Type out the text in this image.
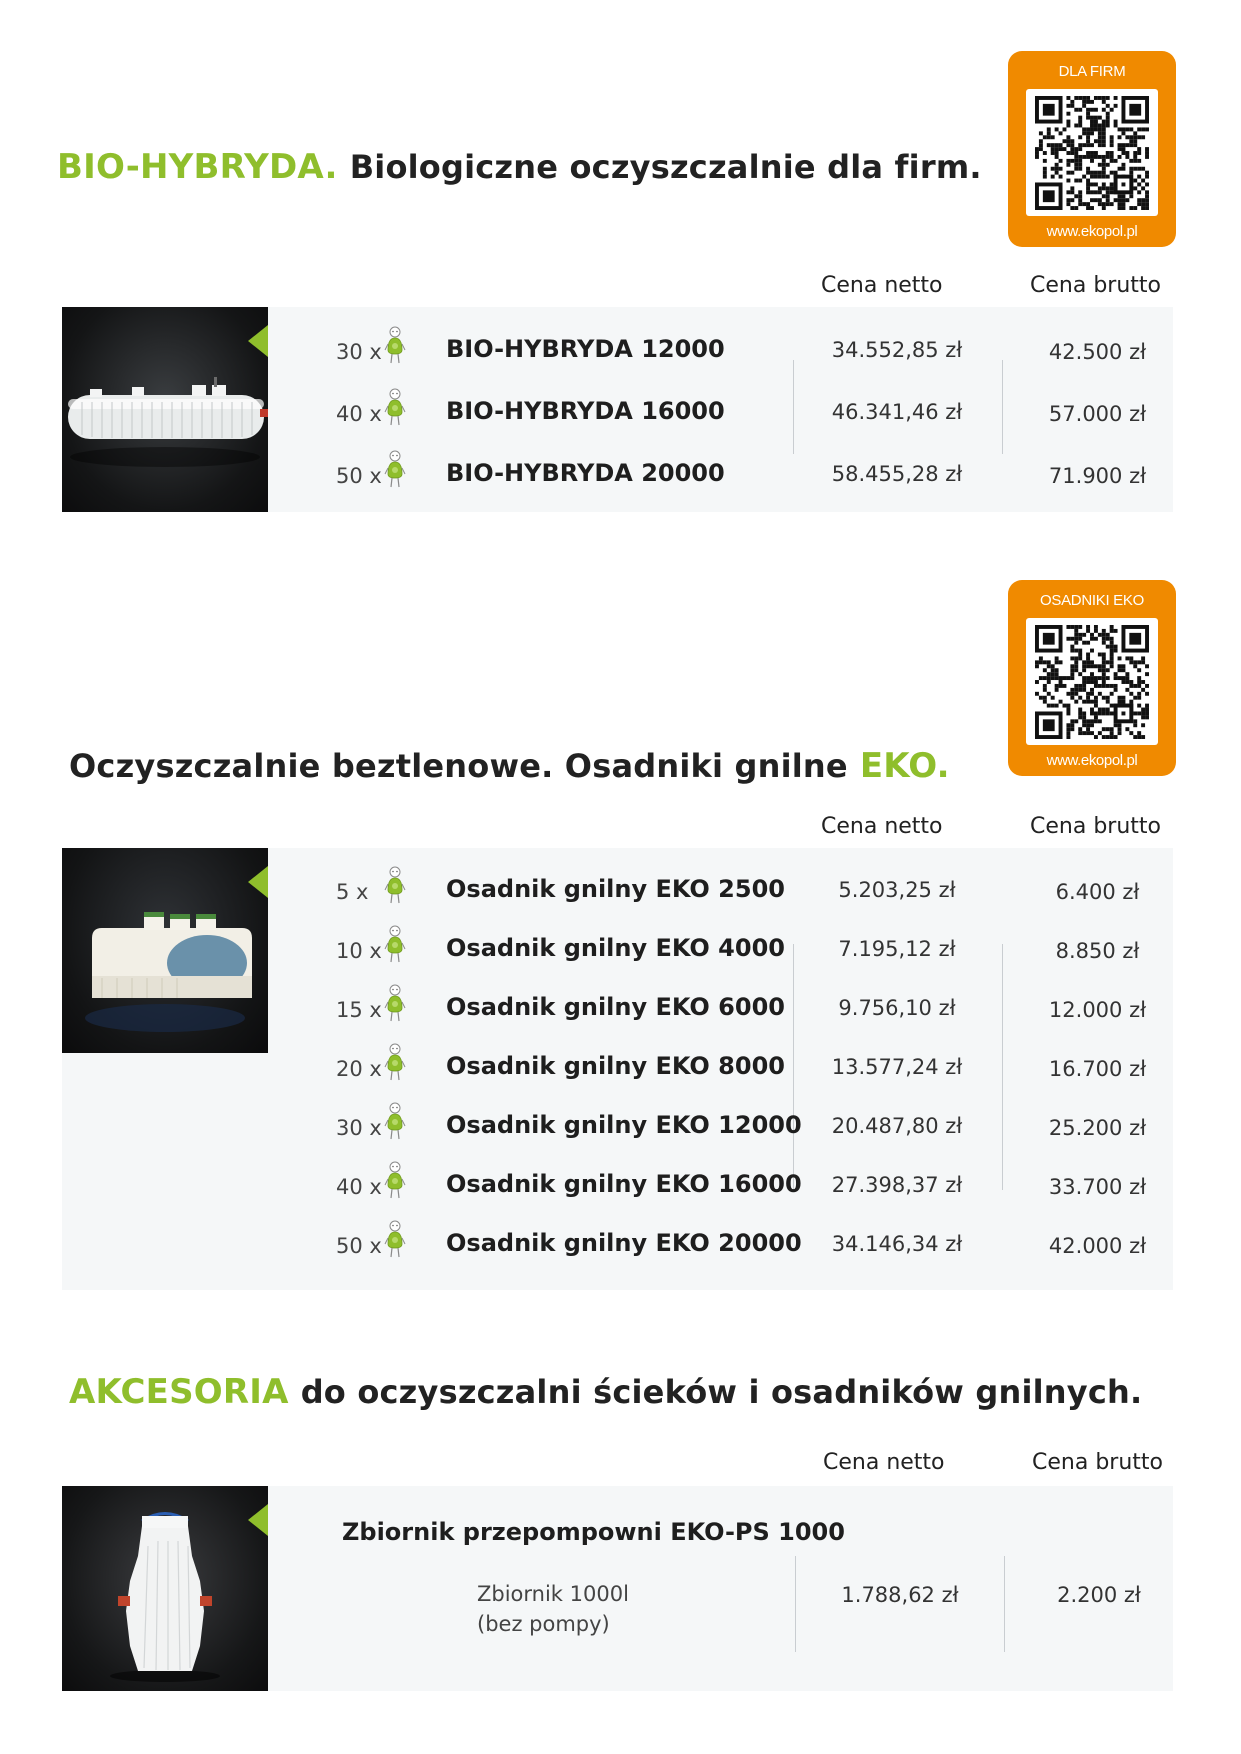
BIO-HYBRYDA. Biologiczne oczyszczalnie dla firm.
DLA FIRM
www.ekopol.pl
Cena netto	Cena brutto
30 x	BIO-HYBRYDA 12000	34.552,85 zł	42.500 zł
40 x	BIO-HYBRYDA 16000	46.341,46 zł	57.000 zł
50 x	BIO-HYBRYDA 20000	58.455,28 zł	71.900 zł
Oczyszczalnie beztlenowe. Osadniki gnilne EKO.
OSADNIKI EKO
www.ekopol.pl
Cena netto	Cena brutto
5 x	Osadnik gnilny EKO 2500	5.203,25 zł	6.400 zł
10 x	Osadnik gnilny EKO 4000	7.195,12 zł	8.850 zł
15 x	Osadnik gnilny EKO 6000	9.756,10 zł	12.000 zł
20 x	Osadnik gnilny EKO 8000	13.577,24 zł	16.700 zł
30 x	Osadnik gnilny EKO 12000	20.487,80 zł	25.200 zł
40 x	Osadnik gnilny EKO 16000	27.398,37 zł	33.700 zł
50 x	Osadnik gnilny EKO 20000	34.146,34 zł	42.000 zł
AKCESORIA do oczyszczalni ścieków i osadników gnilnych.
Cena netto	Cena brutto
Zbiornik przepompowni EKO-PS 1000
Zbiornik 1000l
(bez pompy)
1.788,62 zł	2.200 zł
